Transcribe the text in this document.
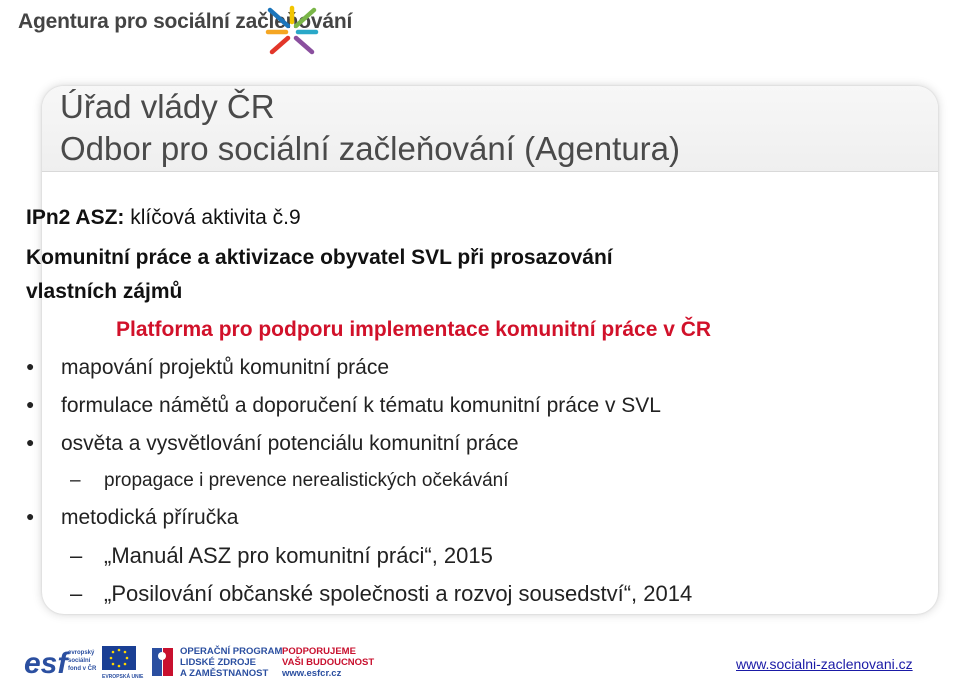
Agentura pro sociální začleňování
Úřad vlády ČR
Odbor pro sociální začleňování (Agentura)
IPn2 ASZ: klíčová aktivita č.9
Komunitní práce a aktivizace obyvatel SVL při prosazování
vlastních zájmů
Platforma pro podporu implementace komunitní práce v ČR
● mapování projektů komunitní práce
● formulace námětů a doporučení k tématu komunitní práce v SVL
● osvěta a vysvětlování potenciálu komunitní práce
– propagace i prevence nerealistických očekávání
● metodická příručka
– „Manuál ASZ pro komunitní práci“, 2015
– „Posilování občanské společnosti a rozvoj sousedství“, 2014
esf evropský
sociální
fond v ČR
EVROPSKÁ UNIE
OPERAČNÍ PROGRAM
LIDSKÉ ZDROJE
A ZAMĚSTNANOST
PODPORUJEME
VAŠI BUDOUCNOST
www.esfcr.cz
www.socialni-zaclenovani.cz
